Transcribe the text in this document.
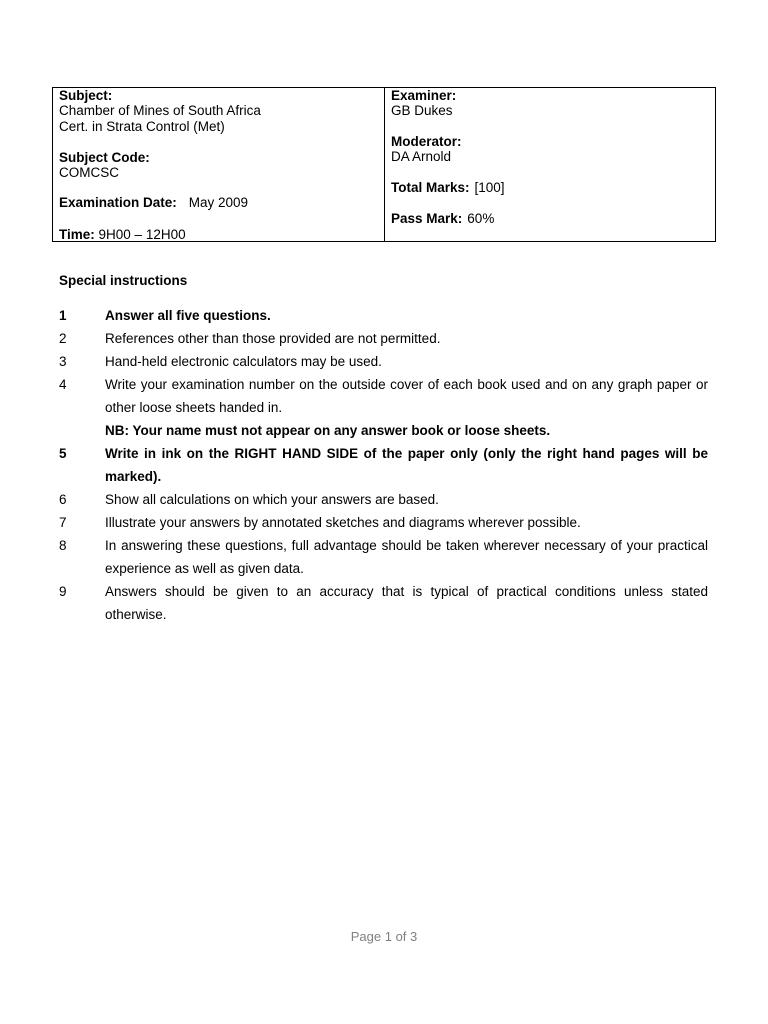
Subject:
Chamber of Mines of South Africa
Cert. in Strata Control (Met)
Subject Code:
COMCSC
Examination Date: May 2009
Time: 9H00 – 12H00
Examiner:
GB Dukes
Moderator:
DA Arnold
Total Marks: [100]
Pass Mark: 60%
Special instructions
1	Answer all five questions.
2	References other than those provided are not permitted.
3	Hand-held electronic calculators may be used.
4	Write your examination number on the outside cover of each book used and on any graph paper or other loose sheets handed in.
NB: Your name must not appear on any answer book or loose sheets.
5	Write in ink on the RIGHT HAND SIDE of the paper only (only the right hand pages will be marked).
6	Show all calculations on which your answers are based.
7	Illustrate your answers by annotated sketches and diagrams wherever possible.
8	In answering these questions, full advantage should be taken wherever necessary of your practical experience as well as given data.
9	Answers should be given to an accuracy that is typical of practical conditions unless stated otherwise.
Page 1 of 3
